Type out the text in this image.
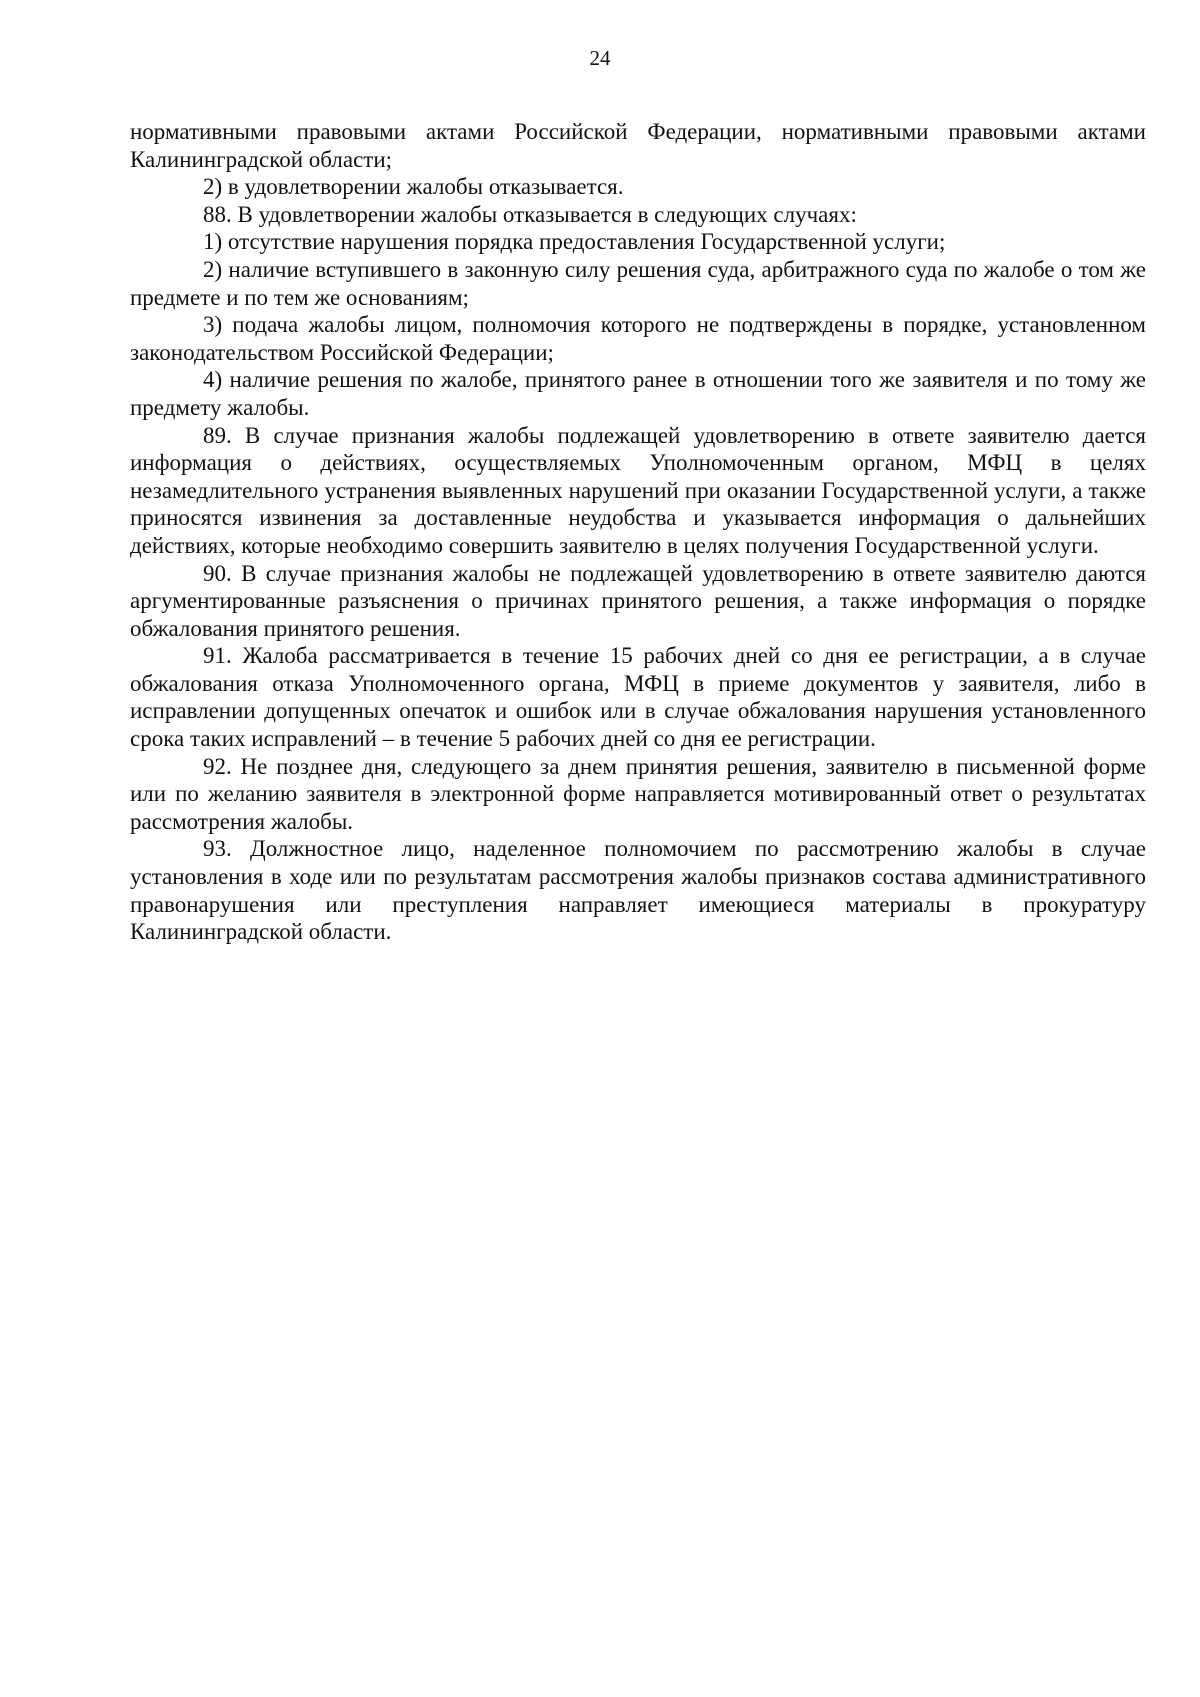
24

нормативными правовыми актами Российской Федерации, нормативными правовыми актами Калининградской области;

2) в удовлетворении жалобы отказывается.

88. В удовлетворении жалобы отказывается в следующих случаях:

1) отсутствие нарушения порядка предоставления Государственной услуги;

2) наличие вступившего в законную силу решения суда, арбитражного суда по жалобе о том же предмете и по тем же основаниям;

3) подача жалобы лицом, полномочия которого не подтверждены в порядке, установленном законодательством Российской Федерации;

4) наличие решения по жалобе, принятого ранее в отношении того же заявителя и по тому же предмету жалобы.

89. В случае признания жалобы подлежащей удовлетворению в ответе заявителю дается информация о действиях, осуществляемых Уполномоченным органом, МФЦ в целях незамедлительного устранения выявленных нарушений при оказании Государственной услуги, а также приносятся извинения за доставленные неудобства и указывается информация о дальнейших действиях, которые необходимо совершить заявителю в целях получения Государственной услуги.

90. В случае признания жалобы не подлежащей удовлетворению в ответе заявителю даются аргументированные разъяснения о причинах принятого решения, а также информация о порядке обжалования принятого решения.

91. Жалоба рассматривается в течение 15 рабочих дней со дня ее регистрации, а в случае обжалования отказа Уполномоченного органа, МФЦ в приеме документов у заявителя, либо в исправлении допущенных опечаток и ошибок или в случае обжалования нарушения установленного срока таких исправлений – в течение 5 рабочих дней со дня ее регистрации.

92. Не позднее дня, следующего за днем принятия решения, заявителю в письменной форме или по желанию заявителя в электронной форме направляется мотивированный ответ о результатах рассмотрения жалобы.

93. Должностное лицо, наделенное полномочием по рассмотрению жалобы в случае установления в ходе или по результатам рассмотрения жалобы признаков состава административного правонарушения или преступления направляет имеющиеся материалы в прокуратуру Калининградской области.
